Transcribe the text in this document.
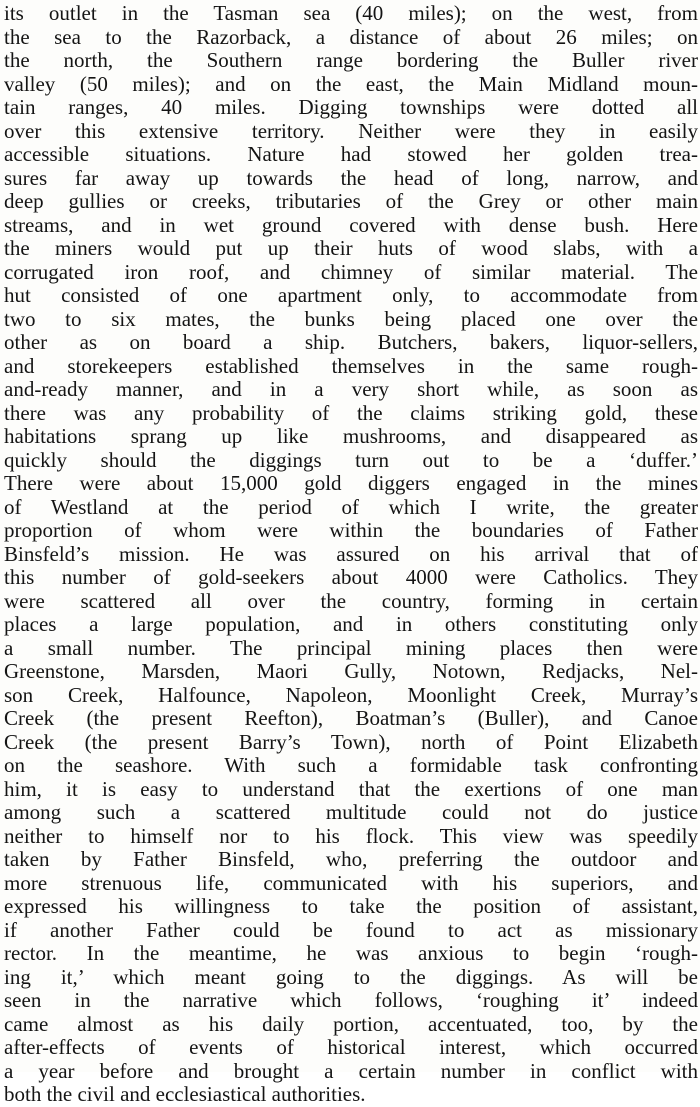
its outlet in the Tasman sea (40 miles); on the west, from
the sea to the Razorback, a distance of about 26 miles; on
the north, the Southern range bordering the Buller river
valley (50 miles); and on the east, the Main Midland moun-
tain ranges, 40 miles. Digging townships were dotted all
over this extensive territory. Neither were they in easily
accessible situations. Nature had stowed her golden trea-
sures far away up towards the head of long, narrow, and
deep gullies or creeks, tributaries of the Grey or other main
streams, and in wet ground covered with dense bush. Here
the miners would put up their huts of wood slabs, with a
corrugated iron roof, and chimney of similar material. The
hut consisted of one apartment only, to accommodate from
two to six mates, the bunks being placed one over the
other as on board a ship. Butchers, bakers, liquor-sellers,
and storekeepers established themselves in the same rough-
and-ready manner, and in a very short while, as soon as
there was any probability of the claims striking gold, these
habitations sprang up like mushrooms, and disappeared as
quickly should the diggings turn out to be a ‘duffer.’
There were about 15,000 gold diggers engaged in the mines
of Westland at the period of which I write, the greater
proportion of whom were within the boundaries of Father
Binsfeld’s mission. He was assured on his arrival that of
this number of gold-seekers about 4000 were Catholics. They
were scattered all over the country, forming in certain
places a large population, and in others constituting only
a small number. The principal mining places then were
Greenstone, Marsden, Maori Gully, Notown, Redjacks, Nel-
son Creek, Halfounce, Napoleon, Moonlight Creek, Murray’s
Creek (the present Reefton), Boatman’s (Buller), and Canoe
Creek (the present Barry’s Town), north of Point Elizabeth
on the seashore. With such a formidable task confronting
him, it is easy to understand that the exertions of one man
among such a scattered multitude could not do justice
neither to himself nor to his flock. This view was speedily
taken by Father Binsfeld, who, preferring the outdoor and
more strenuous life, communicated with his superiors, and
expressed his willingness to take the position of assistant,
if another Father could be found to act as missionary
rector. In the meantime, he was anxious to begin ‘rough-
ing it,’ which meant going to the diggings. As will be
seen in the narrative which follows, ‘roughing it’ indeed
came almost as his daily portion, accentuated, too, by the
after-effects of events of historical interest, which occurred
a year before and brought a certain number in conflict with
both the civil and ecclesiastical authorities.
